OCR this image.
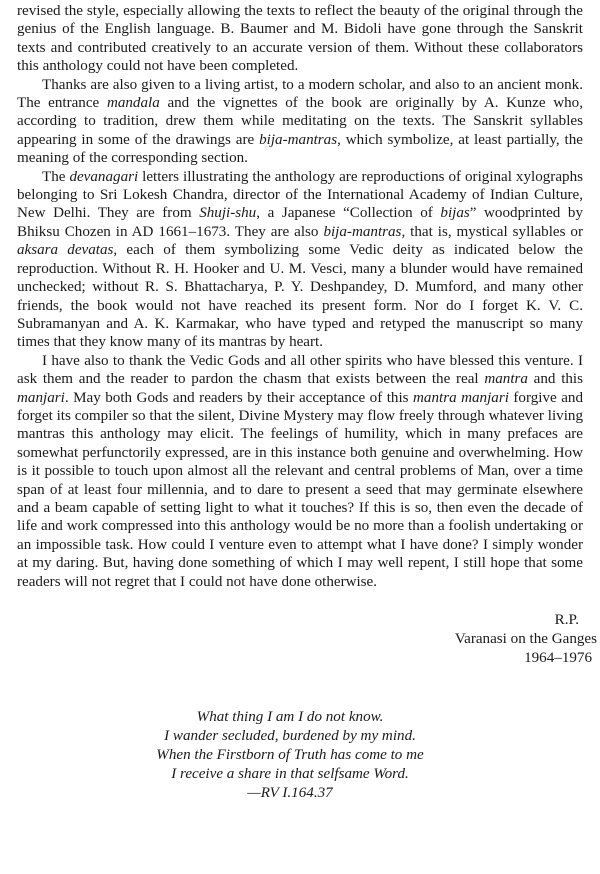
revised the style, especially allowing the texts to reflect the beauty of the original through the genius of the English language. B. Baumer and M. Bidoli have gone through the Sanskrit texts and contributed creatively to an accurate version of them. Without these collaborators this anthology could not have been completed.

Thanks are also given to a living artist, to a modern scholar, and also to an ancient monk. The entrance mandala and the vignettes of the book are originally by A. Kunze who, according to tradition, drew them while meditating on the texts. The Sanskrit syllables appearing in some of the drawings are bija-mantras, which symbolize, at least partially, the meaning of the corresponding section.

The devanagari letters illustrating the anthology are reproductions of original xylographs belonging to Sri Lokesh Chandra, director of the International Academy of Indian Culture, New Delhi. They are from Shuji-shu, a Japanese “Collection of bijas” woodprinted by Bhiksu Chozen in AD 1661–1673. They are also bija-mantras, that is, mystical syllables or aksara devatas, each of them symbolizing some Vedic deity as indicated below the reproduction. Without R. H. Hooker and U. M. Vesci, many a blunder would have remained unchecked; without R. S. Bhattacharya, P. Y. Deshpandey, D. Mumford, and many other friends, the book would not have reached its present form. Nor do I forget K. V. C. Subramanyan and A. K. Karmakar, who have typed and retyped the manuscript so many times that they know many of its mantras by heart.

I have also to thank the Vedic Gods and all other spirits who have blessed this venture. I ask them and the reader to pardon the chasm that exists between the real mantra and this manjari. May both Gods and readers by their acceptance of this mantra manjari forgive and forget its compiler so that the silent, Divine Mystery may flow freely through whatever living mantras this anthology may elicit. The feelings of humility, which in many prefaces are somewhat perfunctorily expressed, are in this instance both genuine and overwhelming. How is it possible to touch upon almost all the relevant and central problems of Man, over a time span of at least four millennia, and to dare to present a seed that may germinate elsewhere and a beam capable of setting light to what it touches? If this is so, then even the decade of life and work compressed into this anthology would be no more than a foolish undertaking or an impossible task. How could I venture even to attempt what I have done? I simply wonder at my daring. But, having done something of which I may well repent, I still hope that some readers will not regret that I could not have done otherwise.

R.P.
Varanasi on the Ganges
1964–1976
What thing I am I do not know.
I wander secluded, burdened by my mind.
When the Firstborn of Truth has come to me
I receive a share in that selfsame Word.
—RV I.164.37
